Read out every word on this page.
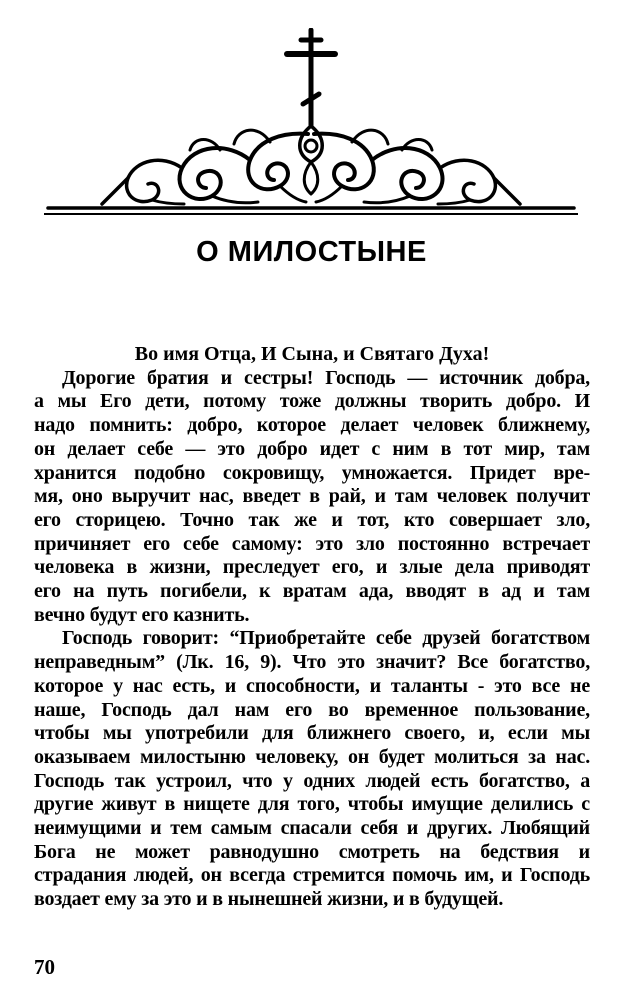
О МИЛОСТЫНЕ

Во имя Отца, И Сына, и Святаго Духа!

Дорогие братия и сестры! Господь — источник добра,
а мы Его дети, потому тоже должны творить добро. И
надо помнить: добро, которое делает человек ближнему,
он делает себе — это добро идет с ним в тот мир, там
хранится подобно сокровищу, умножается. Придет вре-
мя, оно выручит нас, введет в рай, и там человек получит
его сторицею. Точно так же и тот, кто совершает зло,
причиняет его себе самому: это зло постоянно встречает
человека в жизни, преследует его, и злые дела приводят
его на путь погибели, к вратам ада, вводят в ад и там
вечно будут его казнить.

Господь говорит: “Приобретайте себе друзей богатством
неправедным” (Лк. 16, 9). Что это значит? Все богатство,
которое у нас есть, и способности, и таланты - это все не
наше, Господь дал нам его во временное пользование,
чтобы мы употребили для ближнего своего, и, если мы
оказываем милостыню человеку, он будет молиться за нас.
Господь так устроил, что у одних людей есть богатство, а
другие живут в нищете для того, чтобы имущие делились с
неимущими и тем самым спасали себя и других. Любящий
Бога не может равнодушно смотреть на бедствия и
страдания людей, он всегда стремится помочь им, и Господь
воздает ему за это и в нынешней жизни, и в будущей.

70
